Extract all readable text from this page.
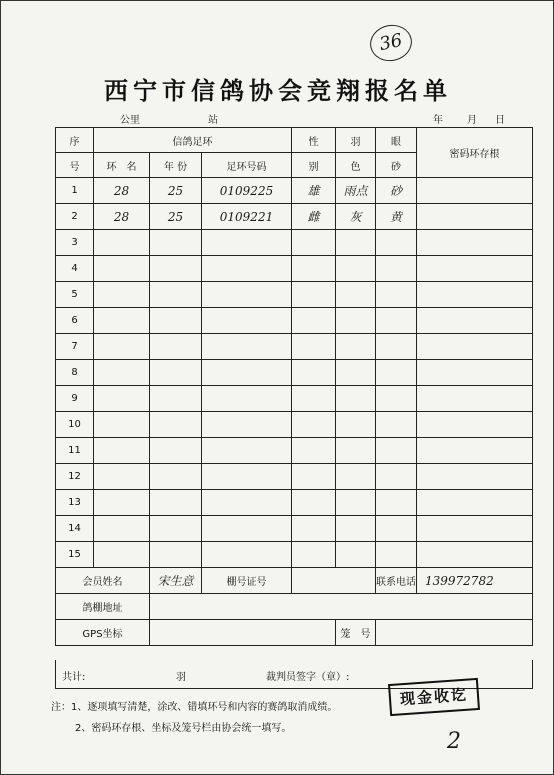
36
西宁市信鸽协会竞翔报名单
公里	站	年 月 日
序	信鸽足环			性	羽	眼	密码环存根
号	环　名	年 份	足环号码	别	色	砂	
1	28	25	0109225	雄	雨点	砂	
2	28	25	0109221	雌	灰	黄	
3							
4							
5							
6							
7							
8							
9							
10							
11							
12							
13							
14							
15							
会员姓名		宋生意	棚号证号			联系电话	139972782
鸽棚地址							
GPS坐标					笼　号		
共计:	羽	裁判员签字（章）:
现金收讫
注：1、逐项填写清楚，涂改、错填环号和内容的赛鸽取消成绩。
2、密码环存根、坐标及笼号栏由协会统一填写。
2
